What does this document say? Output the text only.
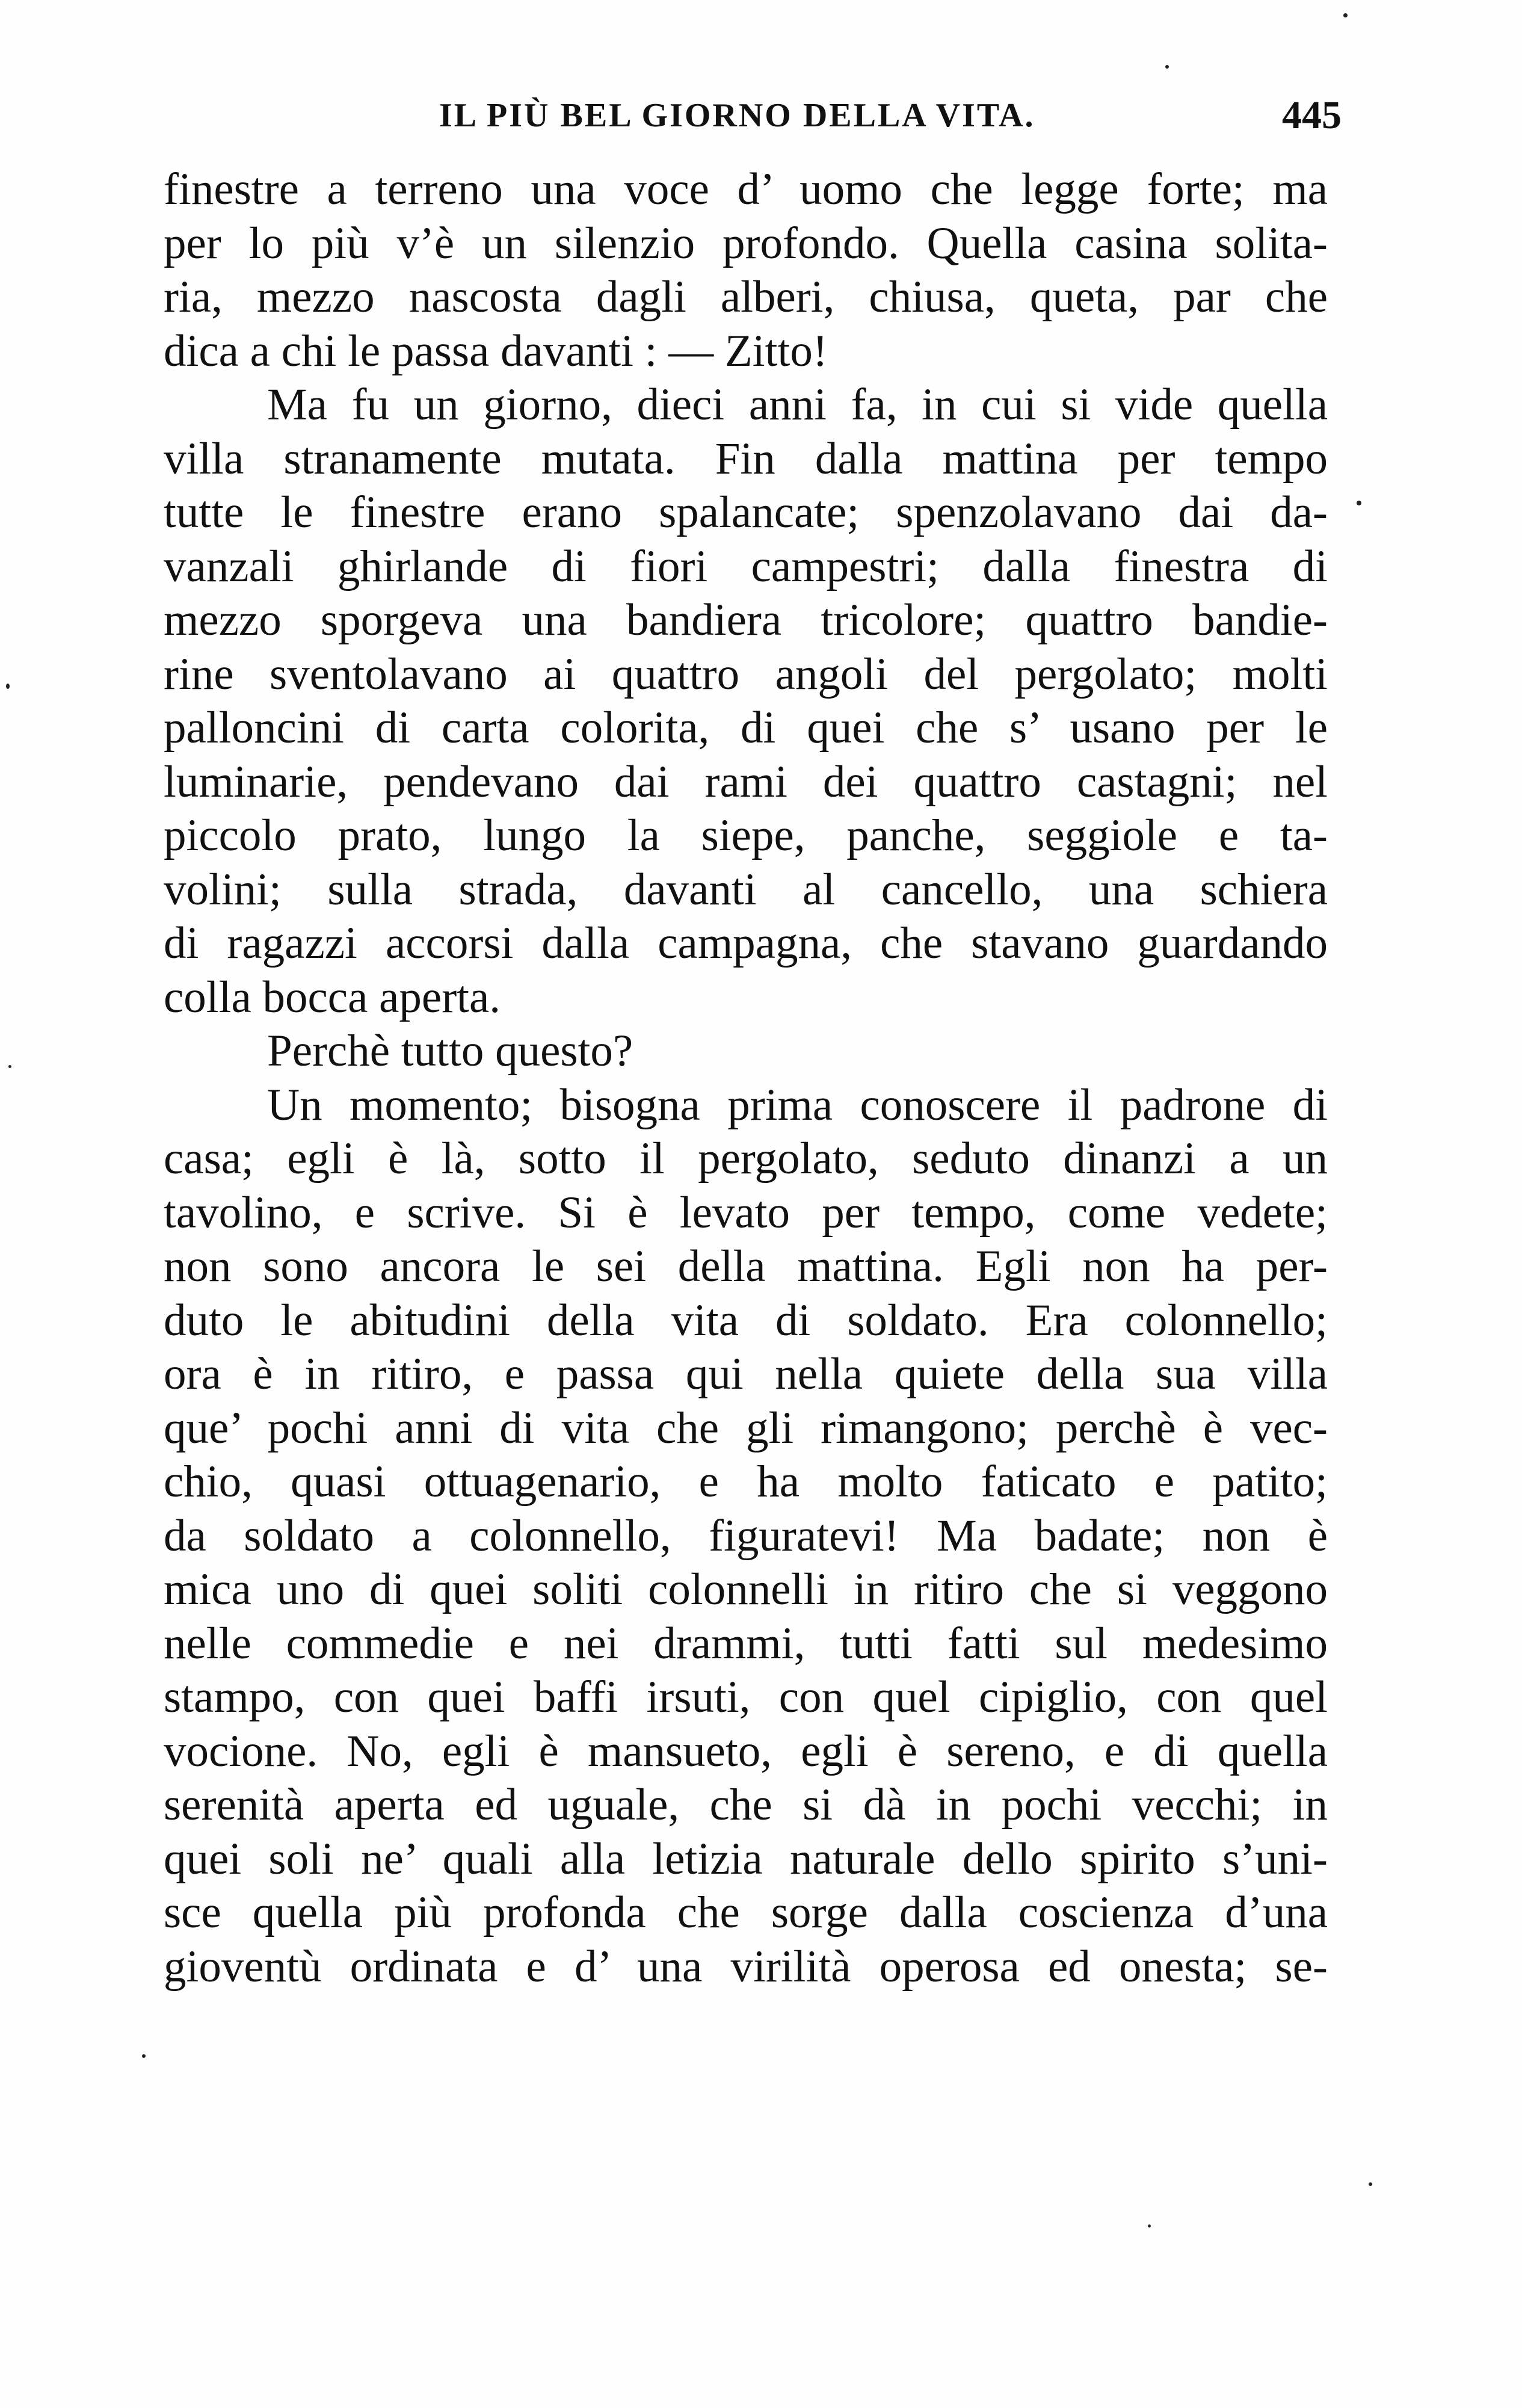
IL PIÙ BEL GIORNO DELLA VITA.	445
finestre a terreno una voce d’ uomo che legge forte; ma
per lo più v’è un silenzio profondo. Quella casina solita-
ria, mezzo nascosta dagli alberi, chiusa, queta, par che
dica a chi le passa davanti : — Zitto!
Ma fu un giorno, dieci anni fa, in cui si vide quella
villa stranamente mutata. Fin dalla mattina per tempo
tutte le finestre erano spalancate; spenzolavano dai da-
vanzali ghirlande di fiori campestri; dalla finestra di
mezzo sporgeva una bandiera tricolore; quattro bandie-
rine sventolavano ai quattro angoli del pergolato; molti
palloncini di carta colorita, di quei che s’ usano per le
luminarie, pendevano dai rami dei quattro castagni; nel
piccolo prato, lungo la siepe, panche, seggiole e ta-
volini; sulla strada, davanti al cancello, una schiera
di ragazzi accorsi dalla campagna, che stavano guardando
colla bocca aperta.
Perchè tutto questo?
Un momento; bisogna prima conoscere il padrone di
casa; egli è là, sotto il pergolato, seduto dinanzi a un
tavolino, e scrive. Si è levato per tempo, come vedete;
non sono ancora le sei della mattina. Egli non ha per-
duto le abitudini della vita di soldato. Era colonnello;
ora è in ritiro, e passa qui nella quiete della sua villa
que’ pochi anni di vita che gli rimangono; perchè è vec-
chio, quasi ottuagenario, e ha molto faticato e patito;
da soldato a colonnello, figuratevi! Ma badate; non è
mica uno di quei soliti colonnelli in ritiro che si veggono
nelle commedie e nei drammi, tutti fatti sul medesimo
stampo, con quei baffi irsuti, con quel cipiglio, con quel
vocione. No, egli è mansueto, egli è sereno, e di quella
serenità aperta ed uguale, che si dà in pochi vecchi; in
quei soli ne’ quali alla letizia naturale dello spirito s’uni-
sce quella più profonda che sorge dalla coscienza d’una
gioventù ordinata e d’ una virilità operosa ed onesta; se-
